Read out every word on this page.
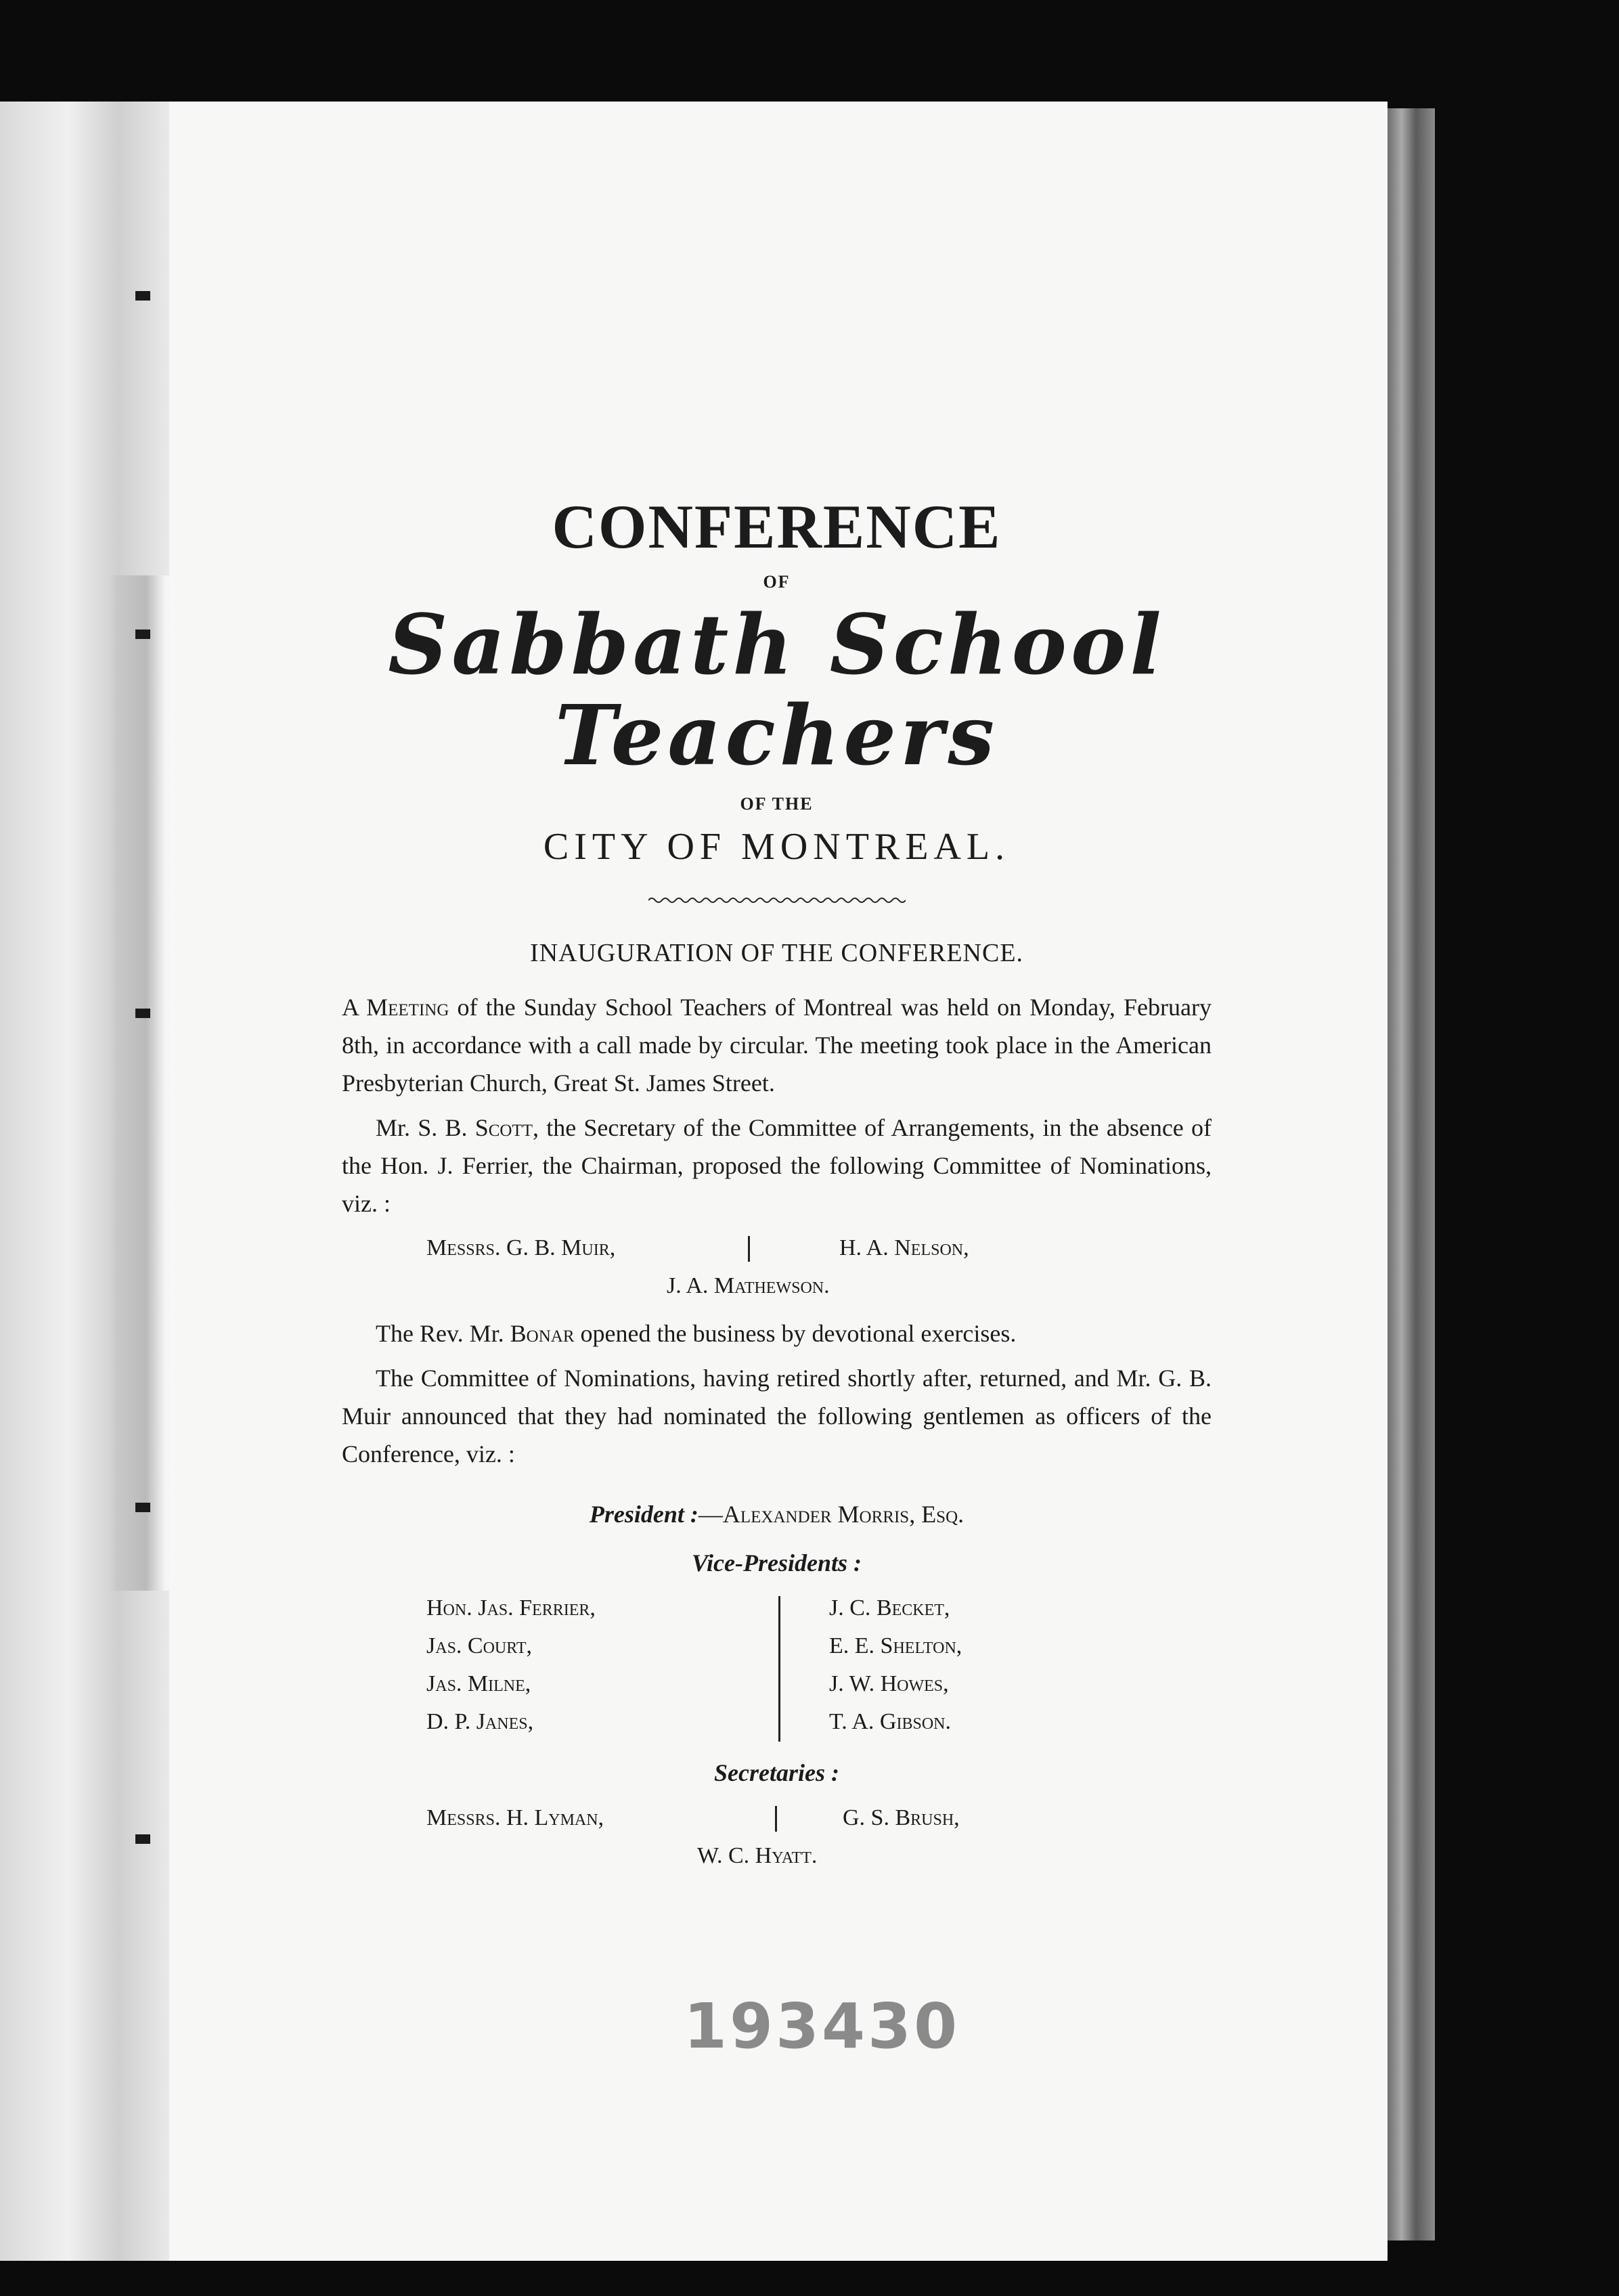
CONFERENCE
OF
Sabbath School Teachers
OF THE
CITY OF MONTREAL.
INAUGURATION OF THE CONFERENCE.

A Meeting of the Sunday School Teachers of Montreal was held on Monday, February 8th, in accordance with a call made by circular. The meeting took place in the American Presbyterian Church, Great St. James Street.

Mr. S. B. Scott, the Secretary of the Committee of Arrangements, in the absence of the Hon. J. Ferrier, the Chairman, proposed the following Committee of Nominations, viz. :

Messrs. G. B. Muir,	H. A. Nelson,
J. A. Mathewson.

The Rev. Mr. Bonar opened the business by devotional exercises.

The Committee of Nominations, having retired shortly after, returned, and Mr. G. B. Muir announced that they had nominated the following gentlemen as officers of the Conference, viz. :

President :—Alexander Morris, Esq.
Vice-Presidents :
Hon. Jas. Ferrier,
Jas. Court,
Jas. Milne,
D. P. Janes,
J. C. Becket,
E. E. Shelton,
J. W. Howes,
T. A. Gibson.
Secretaries :
Messrs. H. Lyman,	G. S. Brush,
W. C. Hyatt.
193430
